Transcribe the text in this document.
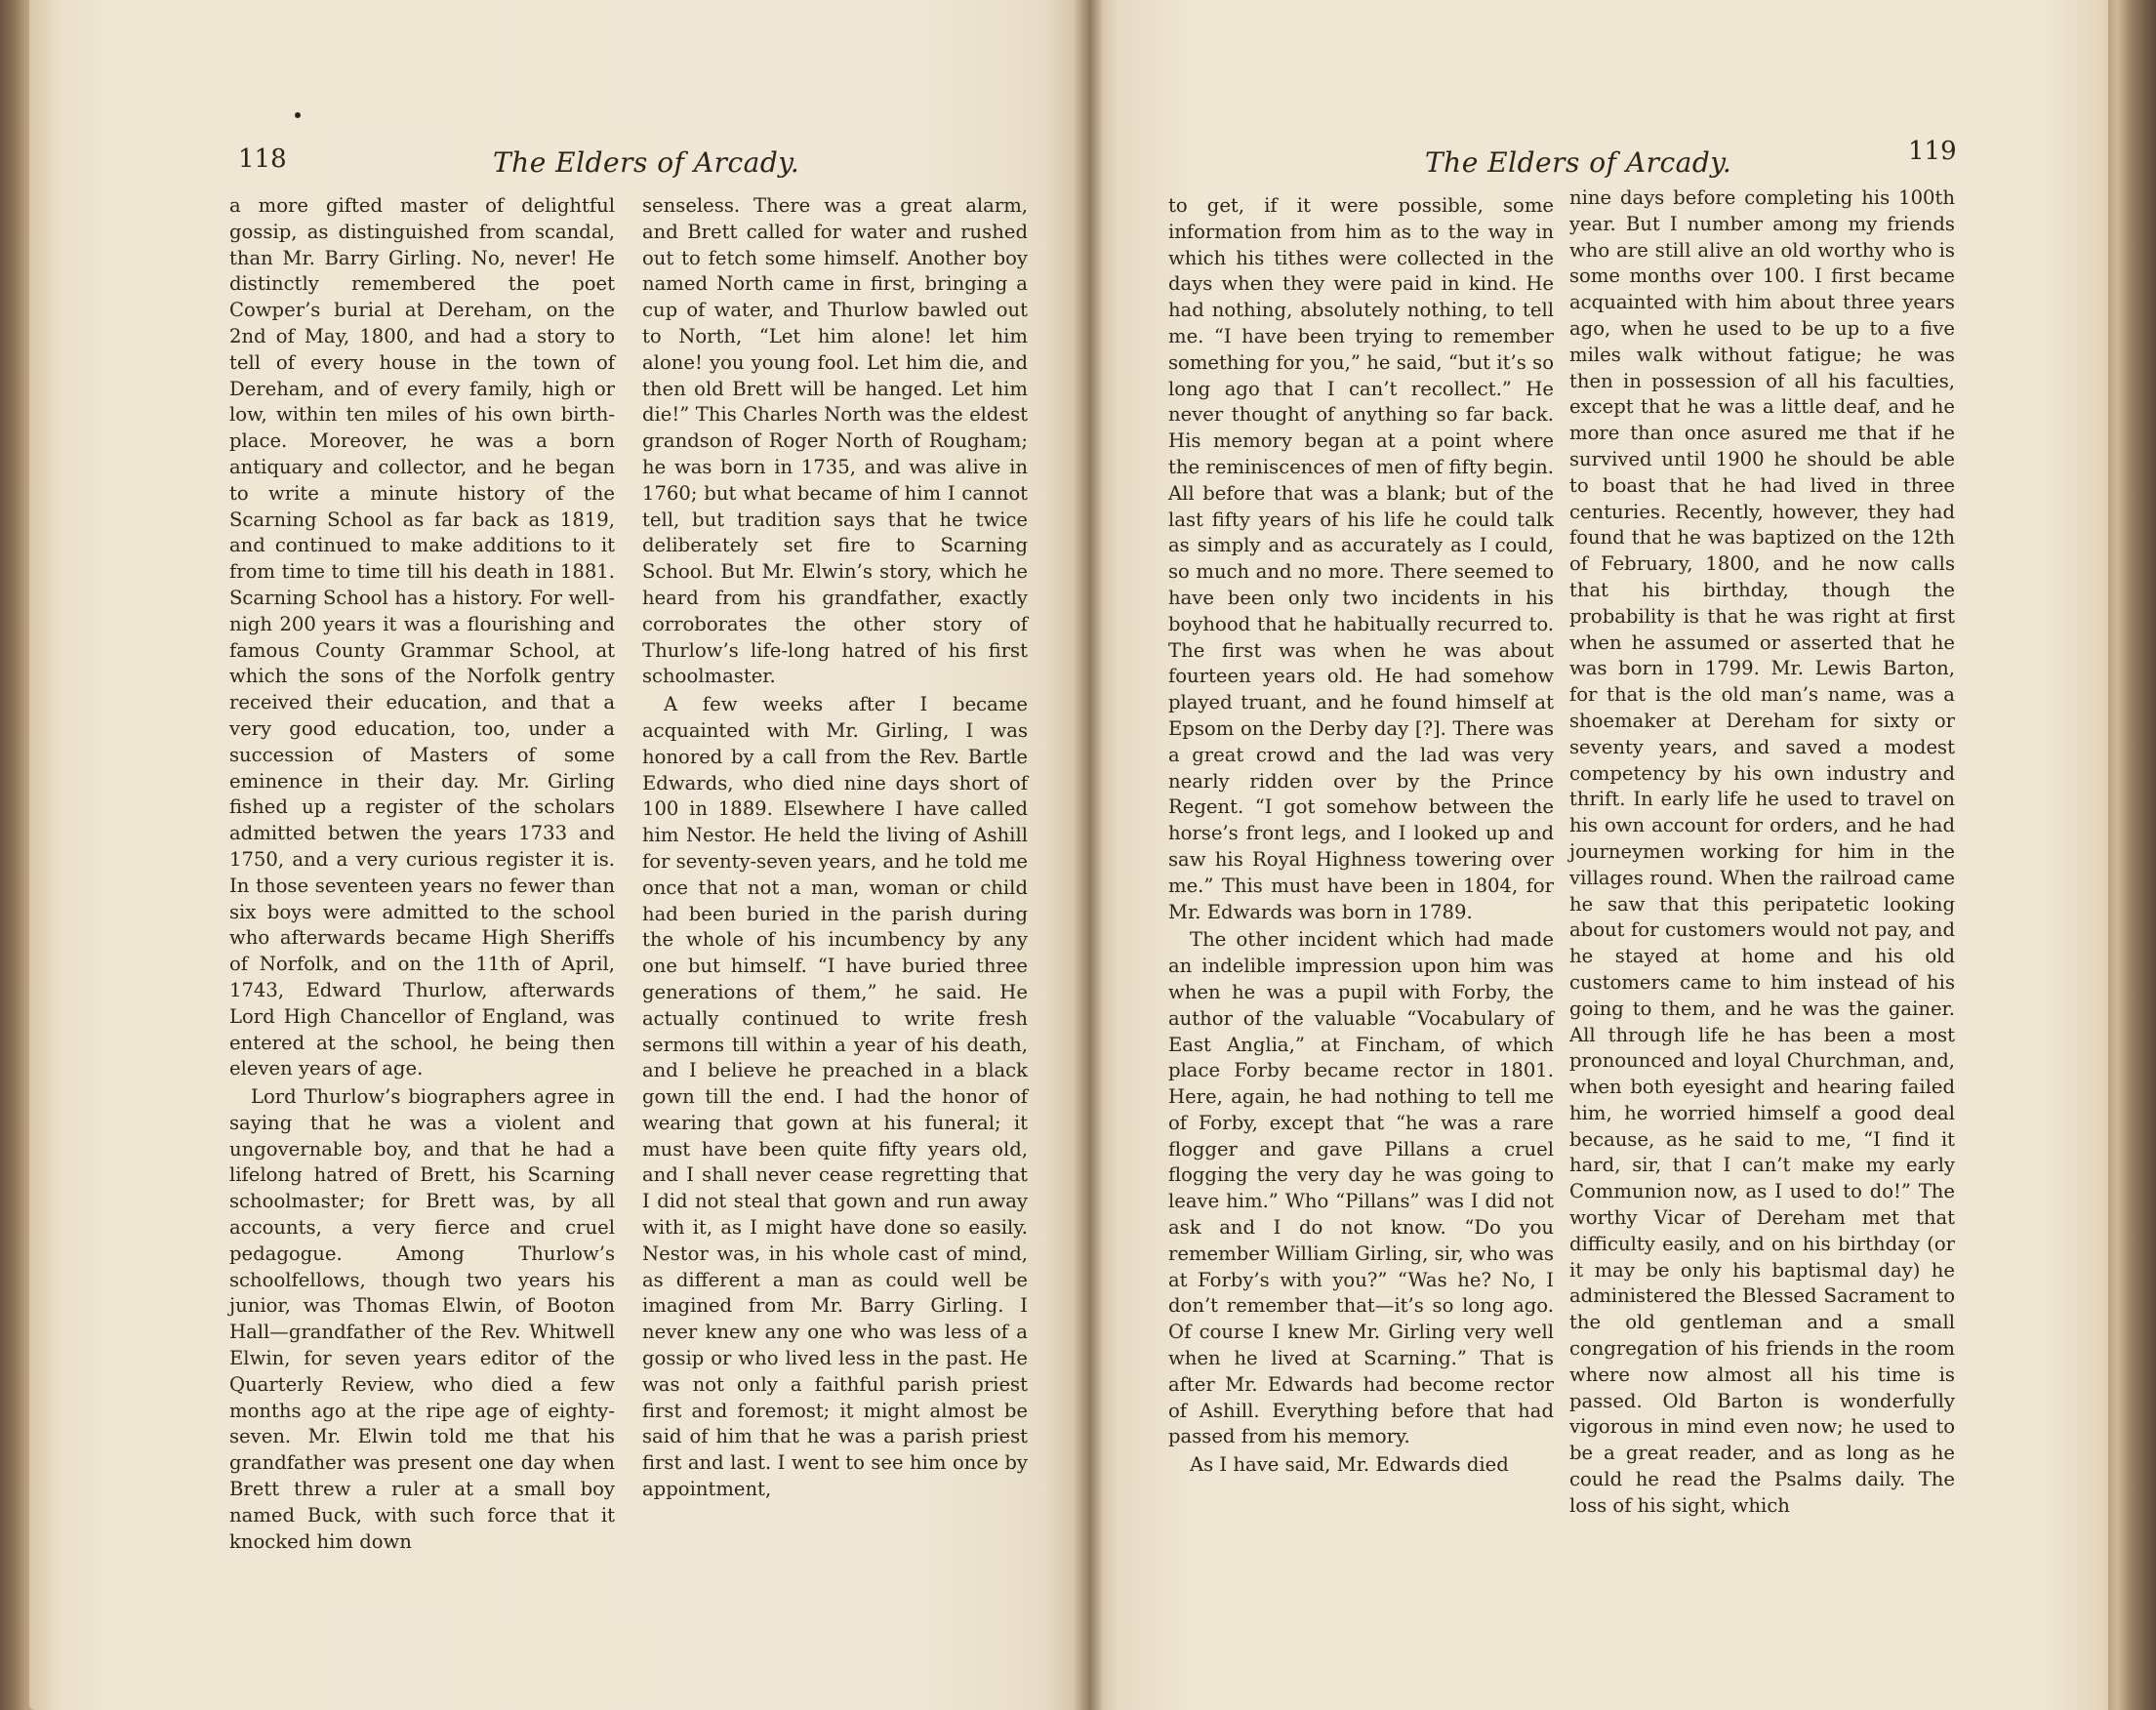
118	The Elders of Arcady.

a more gifted master of delightful gossip, as distinguished from scandal, than Mr. Barry Girling. No, never! He distinctly remembered the poet Cowper’s burial at Dereham, on the 2nd of May, 1800, and had a story to tell of every house in the town of Dereham, and of every family, high or low, within ten miles of his own birth-place. Moreover, he was a born antiquary and collector, and he began to write a minute history of the Scarning School as far back as 1819, and continued to make additions to it from time to time till his death in 1881. Scarning School has a history. For well-nigh 200 years it was a flourishing and famous County Grammar School, at which the sons of the Norfolk gentry received their education, and that a very good education, too, under a succession of Masters of some eminence in their day. Mr. Girling fished up a register of the scholars admitted betwen the years 1733 and 1750, and a very curious register it is. In those seventeen years no fewer than six boys were admitted to the school who afterwards became High Sheriffs of Norfolk, and on the 11th of April, 1743, Edward Thurlow, afterwards Lord High Chancellor of England, was entered at the school, he being then eleven years of age.

Lord Thurlow’s biographers agree in saying that he was a violent and ungovernable boy, and that he had a lifelong hatred of Brett, his Scarning schoolmaster; for Brett was, by all accounts, a very fierce and cruel pedagogue. Among Thurlow’s schoolfellows, though two years his junior, was Thomas Elwin, of Booton Hall—grandfather of the Rev. Whitwell Elwin, for seven years editor of the Quarterly Review, who died a few months ago at the ripe age of eighty-seven. Mr. Elwin told me that his grandfather was present one day when Brett threw a ruler at a small boy named Buck, with such force that it knocked him down

senseless. There was a great alarm, and Brett called for water and rushed out to fetch some himself. Another boy named North came in first, bringing a cup of water, and Thurlow bawled out to North, “Let him alone! let him alone! you young fool. Let him die, and then old Brett will be hanged. Let him die!” This Charles North was the eldest grandson of Roger North of Rougham; he was born in 1735, and was alive in 1760; but what became of him I cannot tell, but tradition says that he twice deliberately set fire to Scarning School. But Mr. Elwin’s story, which he heard from his grandfather, exactly corroborates the other story of Thurlow’s life-long hatred of his first schoolmaster.

A few weeks after I became acquainted with Mr. Girling, I was honored by a call from the Rev. Bartle Edwards, who died nine days short of 100 in 1889. Elsewhere I have called him Nestor. He held the living of Ashill for seventy-seven years, and he told me once that not a man, woman or child had been buried in the parish during the whole of his incumbency by any one but himself. “I have buried three generations of them,” he said. He actually continued to write fresh sermons till within a year of his death, and I believe he preached in a black gown till the end. I had the honor of wearing that gown at his funeral; it must have been quite fifty years old, and I shall never cease regretting that I did not steal that gown and run away with it, as I might have done so easily. Nestor was, in his whole cast of mind, as different a man as could well be imagined from Mr. Barry Girling. I never knew any one who was less of a gossip or who lived less in the past. He was not only a faithful parish priest first and foremost; it might almost be said of him that he was a parish priest first and last. I went to see him once by appointment,

The Elders of Arcady.	119

to get, if it were possible, some information from him as to the way in which his tithes were collected in the days when they were paid in kind. He had nothing, absolutely nothing, to tell me. “I have been trying to remember something for you,” he said, “but it’s so long ago that I can’t recollect.” He never thought of anything so far back. His memory began at a point where the reminiscences of men of fifty begin. All before that was a blank; but of the last fifty years of his life he could talk as simply and as accurately as I could, so much and no more. There seemed to have been only two incidents in his boyhood that he habitually recurred to. The first was when he was about fourteen years old. He had somehow played truant, and he found himself at Epsom on the Derby day [?]. There was a great crowd and the lad was very nearly ridden over by the Prince Regent. “I got somehow between the horse’s front legs, and I looked up and saw his Royal Highness towering over me.” This must have been in 1804, for Mr. Edwards was born in 1789.

The other incident which had made an indelible impression upon him was when he was a pupil with Forby, the author of the valuable “Vocabulary of East Anglia,” at Fincham, of which place Forby became rector in 1801. Here, again, he had nothing to tell me of Forby, except that “he was a rare flogger and gave Pillans a cruel flogging the very day he was going to leave him.” Who “Pillans” was I did not ask and I do not know. “Do you remember William Girling, sir, who was at Forby’s with you?” “Was he? No, I don’t remember that—it’s so long ago. Of course I knew Mr. Girling very well when he lived at Scarning.” That is after Mr. Edwards had become rector of Ashill. Everything before that had passed from his memory.

As I have said, Mr. Edwards died

nine days before completing his 100th year. But I number among my friends who are still alive an old worthy who is some months over 100. I first became acquainted with him about three years ago, when he used to be up to a five miles walk without fatigue; he was then in possession of all his faculties, except that he was a little deaf, and he more than once asured me that if he survived until 1900 he should be able to boast that he had lived in three centuries. Recently, however, they had found that he was baptized on the 12th of February, 1800, and he now calls that his birthday, though the probability is that he was right at first when he assumed or asserted that he was born in 1799. Mr. Lewis Barton, for that is the old man’s name, was a shoemaker at Dereham for sixty or seventy years, and saved a modest competency by his own industry and thrift. In early life he used to travel on his own account for orders, and he had journeymen working for him in the villages round. When the railroad came he saw that this peripatetic looking about for customers would not pay, and he stayed at home and his old customers came to him instead of his going to them, and he was the gainer. All through life he has been a most pronounced and loyal Churchman, and, when both eyesight and hearing failed him, he worried himself a good deal because, as he said to me, “I find it hard, sir, that I can’t make my early Communion now, as I used to do!” The worthy Vicar of Dereham met that difficulty easily, and on his birthday (or it may be only his baptismal day) he administered the Blessed Sacrament to the old gentleman and a small congregation of his friends in the room where now almost all his time is passed. Old Barton is wonderfully vigorous in mind even now; he used to be a great reader, and as long as he could he read the Psalms daily. The loss of his sight, which
